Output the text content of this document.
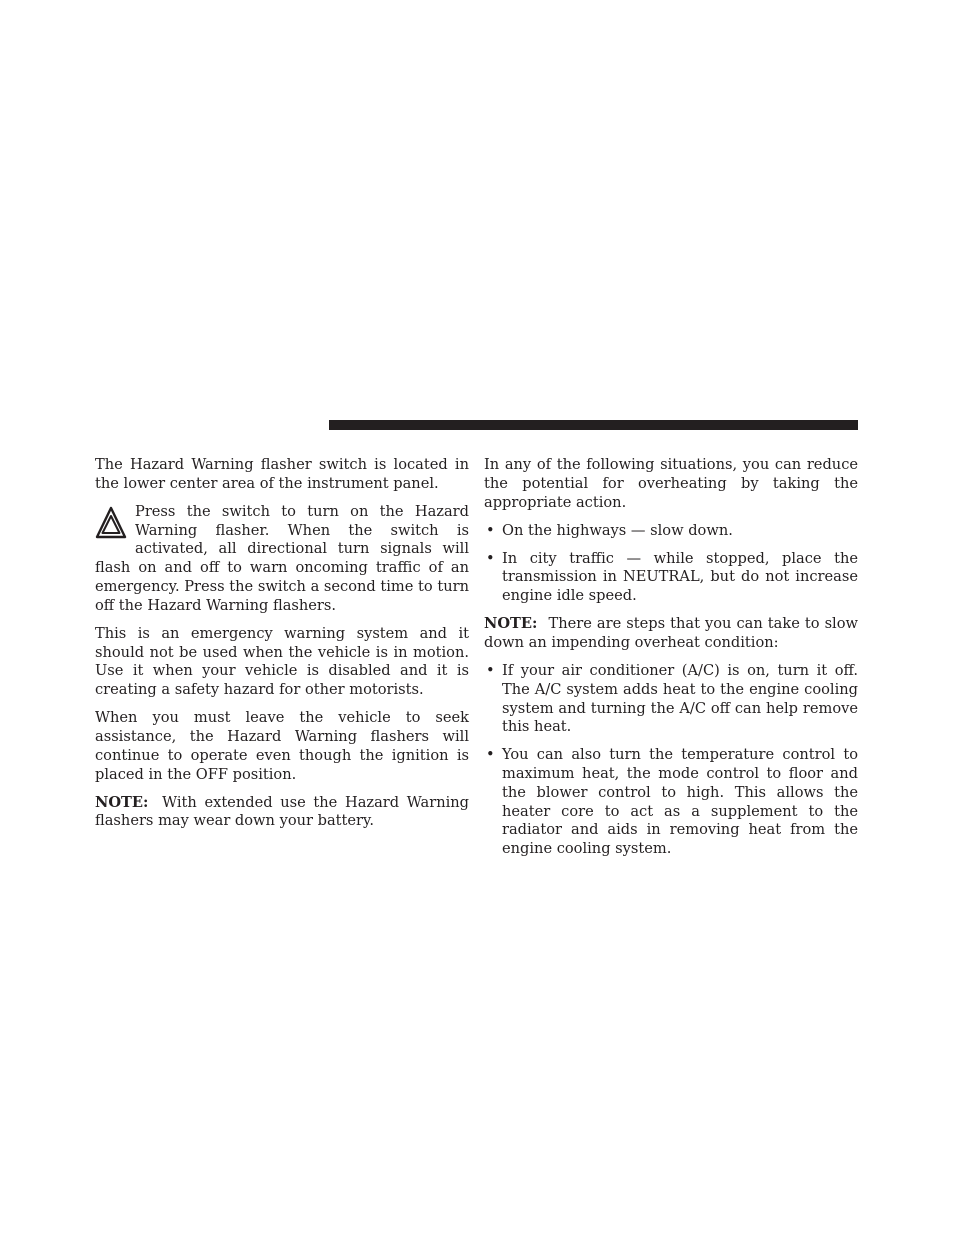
The Hazard Warning flasher switch is located in the lower center area of the instrument panel.

Press the switch to turn on the Hazard Warning flasher. When the switch is activated, all directional turn signals will flash on and off to warn oncoming traffic of an emergency. Press the switch a second time to turn off the Hazard Warning flashers.

This is an emergency warning system and it should not be used when the vehicle is in motion. Use it when your vehicle is disabled and it is creating a safety hazard for other motorists.

When you must leave the vehicle to seek assistance, the Hazard Warning flashers will continue to operate even though the ignition is placed in the OFF position.

NOTE: With extended use the Hazard Warning flashers may wear down your battery.

In any of the following situations, you can reduce the potential for overheating by taking the appropriate action.

• On the highways — slow down.
• In city traffic — while stopped, place the transmission in NEUTRAL, but do not increase engine idle speed.

NOTE: There are steps that you can take to slow down an impending overheat condition:

• If your air conditioner (A/C) is on, turn it off. The A/C system adds heat to the engine cooling system and turning the A/C off can help remove this heat.
• You can also turn the temperature control to maximum heat, the mode control to floor and the blower control to high. This allows the heater core to act as a supplement to the radiator and aids in removing heat from the engine cooling system.
